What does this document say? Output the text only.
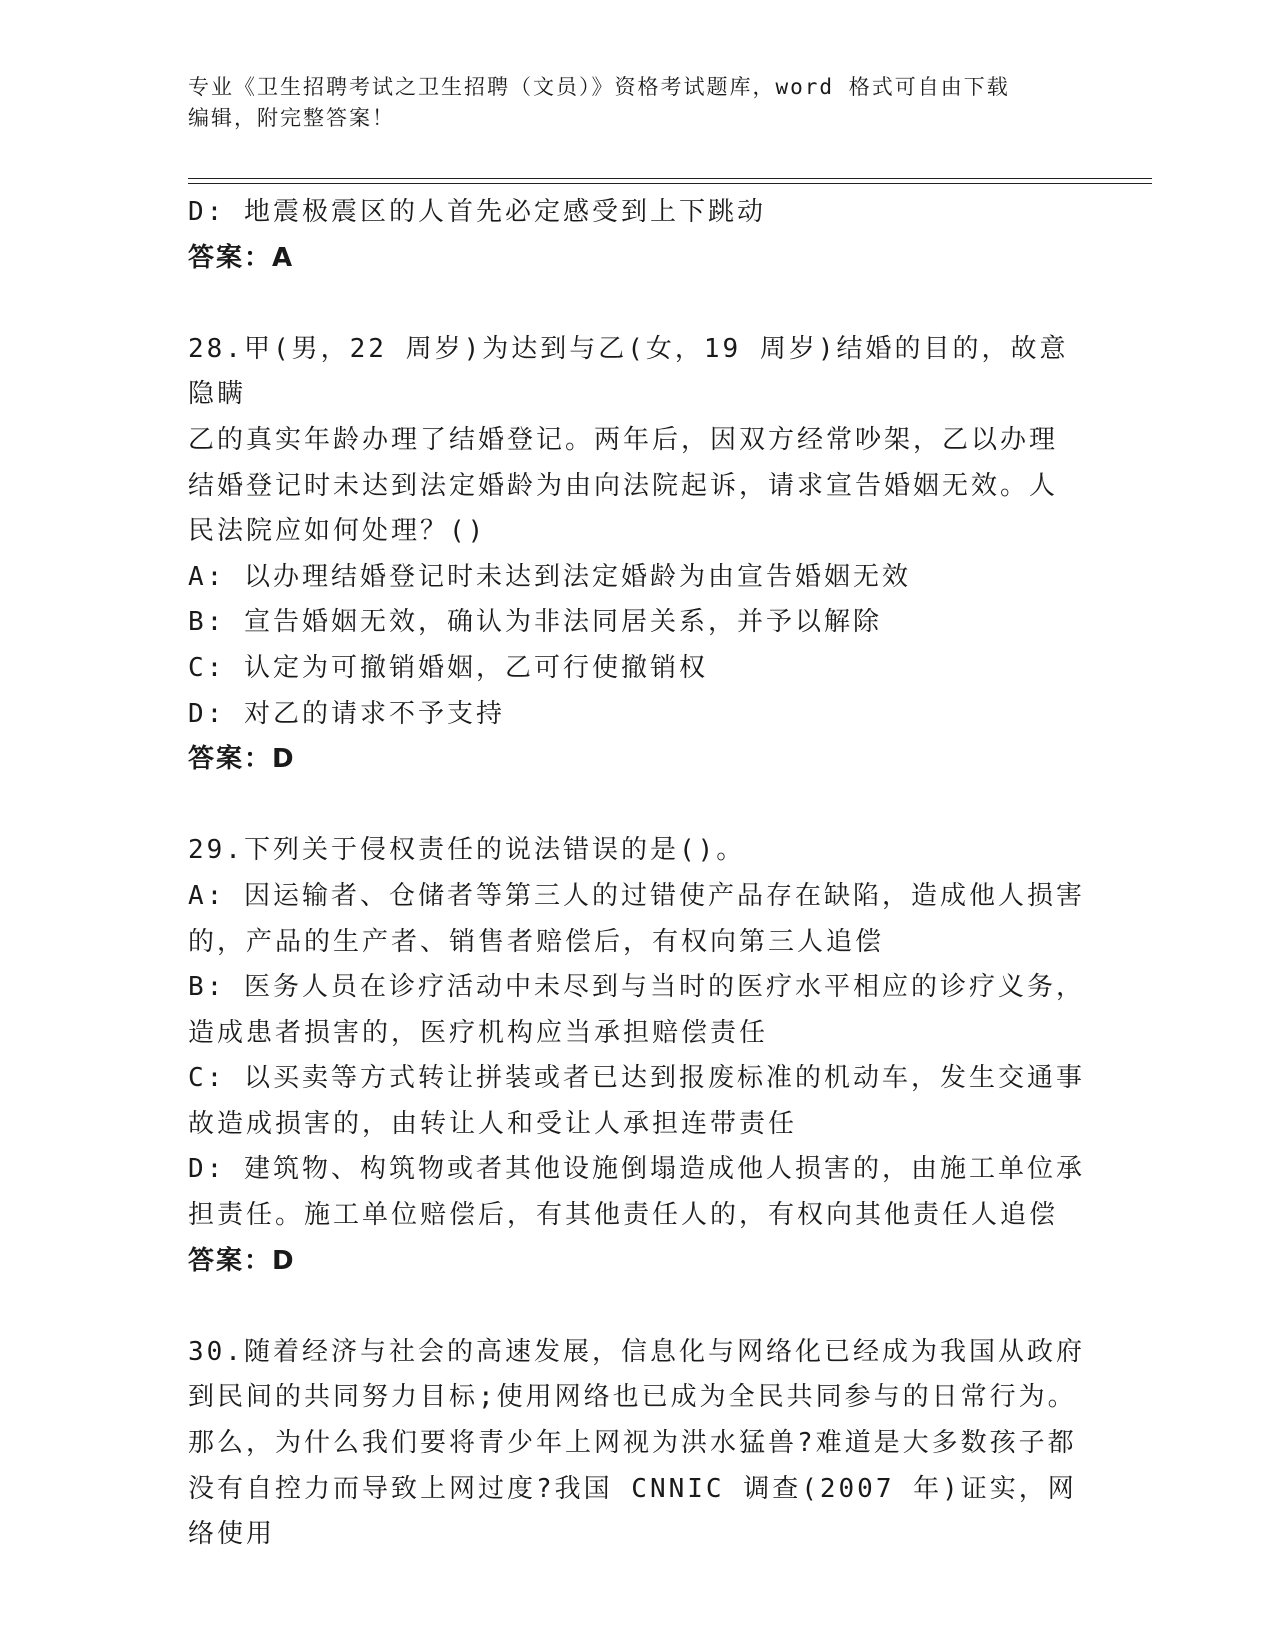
专业《卫生招聘考试之卫生招聘（文员）》资格考试题库，word 格式可自由下载
编辑，附完整答案！

D: 地震极震区的人首先必定感受到上下跳动

答案：A

28.甲(男，22 周岁)为达到与乙(女，19 周岁)结婚的目的，故意隐瞒

乙的真实年龄办理了结婚登记。两年后，因双方经常吵架，乙以办理

结婚登记时未达到法定婚龄为由向法院起诉，请求宣告婚姻无效。人

民法院应如何处理？()

A: 以办理结婚登记时未达到法定婚龄为由宣告婚姻无效

B: 宣告婚姻无效，确认为非法同居关系，并予以解除

C: 认定为可撤销婚姻，乙可行使撤销权

D: 对乙的请求不予支持

答案：D

29.下列关于侵权责任的说法错误的是()。

A: 因运输者、仓储者等第三人的过错使产品存在缺陷，造成他人损害

的，产品的生产者、销售者赔偿后，有权向第三人追偿

B: 医务人员在诊疗活动中未尽到与当时的医疗水平相应的诊疗义务，

造成患者损害的，医疗机构应当承担赔偿责任

C: 以买卖等方式转让拼装或者已达到报废标准的机动车，发生交通事

故造成损害的，由转让人和受让人承担连带责任

D: 建筑物、构筑物或者其他设施倒塌造成他人损害的，由施工单位承

担责任。施工单位赔偿后，有其他责任人的，有权向其他责任人追偿

答案：D

30.随着经济与社会的高速发展，信息化与网络化已经成为我国从政府

到民间的共同努力目标;使用网络也已成为全民共同参与的日常行为。

那么，为什么我们要将青少年上网视为洪水猛兽?难道是大多数孩子都

没有自控力而导致上网过度?我国 CNNIC 调查(2007 年)证实，网络使用
